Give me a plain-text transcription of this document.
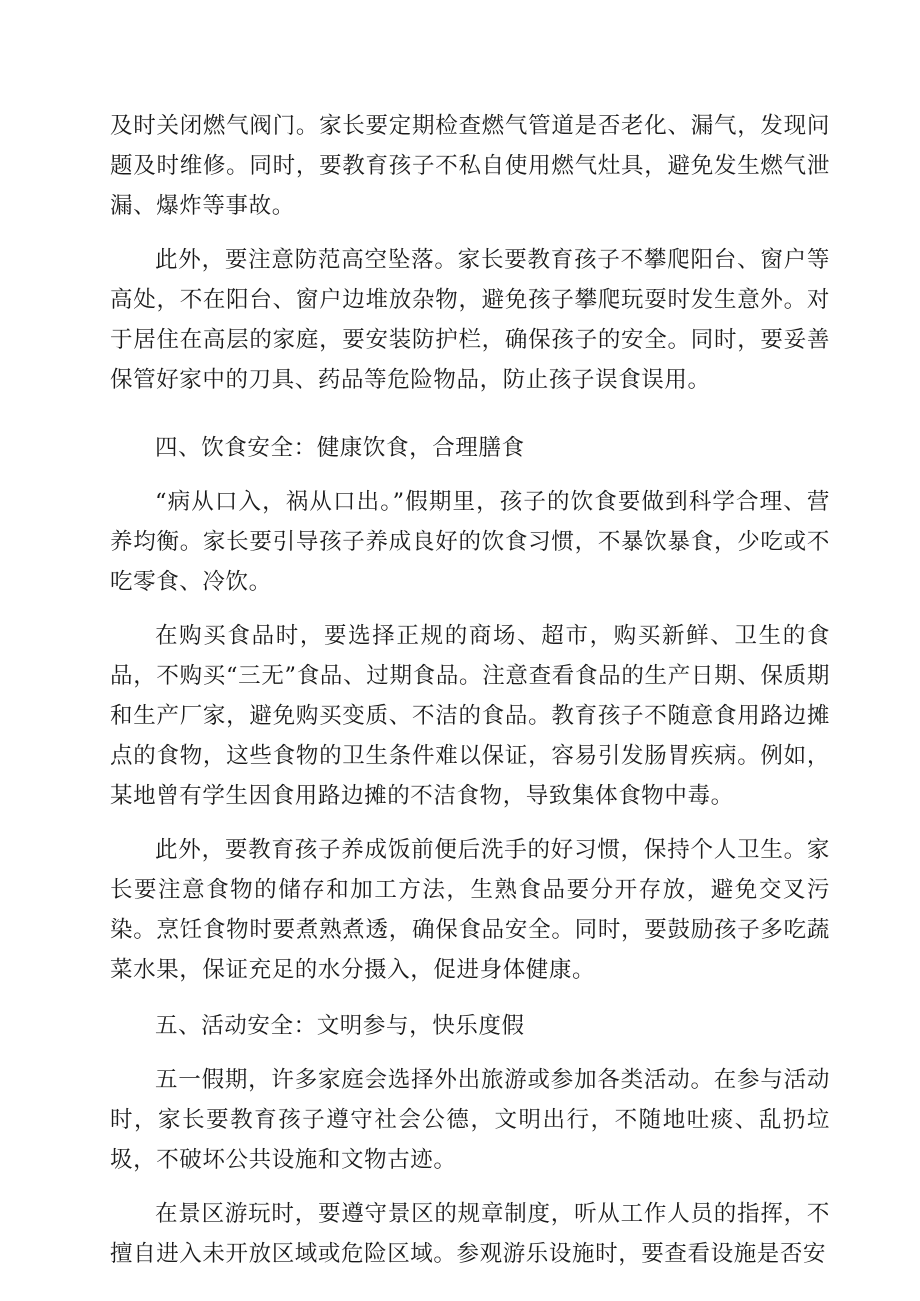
及时关闭燃气阀门。家长要定期检查燃气管道是否老化、漏气，发现问题及时维修。同时，要教育孩子不私自使用燃气灶具，避免发生燃气泄漏、爆炸等事故。

此外，要注意防范高空坠落。家长要教育孩子不攀爬阳台、窗户等高处，不在阳台、窗户边堆放杂物，避免孩子攀爬玩耍时发生意外。对于居住在高层的家庭，要安装防护栏，确保孩子的安全。同时，要妥善保管好家中的刀具、药品等危险物品，防止孩子误食误用。

四、饮食安全：健康饮食，合理膳食

“病从口入，祸从口出。”假期里，孩子的饮食要做到科学合理、营养均衡。家长要引导孩子养成良好的饮食习惯，不暴饮暴食，少吃或不吃零食、冷饮。

在购买食品时，要选择正规的商场、超市，购买新鲜、卫生的食品，不购买“三无”食品、过期食品。注意查看食品的生产日期、保质期和生产厂家，避免购买变质、不洁的食品。教育孩子不随意食用路边摊点的食物，这些食物的卫生条件难以保证，容易引发肠胃疾病。例如，某地曾有学生因食用路边摊的不洁食物，导致集体食物中毒。

此外，要教育孩子养成饭前便后洗手的好习惯，保持个人卫生。家长要注意食物的储存和加工方法，生熟食品要分开存放，避免交叉污染。烹饪食物时要煮熟煮透，确保食品安全。同时，要鼓励孩子多吃蔬菜水果，保证充足的水分摄入，促进身体健康。

五、活动安全：文明参与，快乐度假

五一假期，许多家庭会选择外出旅游或参加各类活动。在参与活动时，家长要教育孩子遵守社会公德，文明出行，不随地吐痰、乱扔垃圾，不破坏公共设施和文物古迹。

在景区游玩时，要遵守景区的规章制度，听从工作人员的指挥，不擅自进入未开放区域或危险区域。参观游乐设施时，要查看设施是否安
